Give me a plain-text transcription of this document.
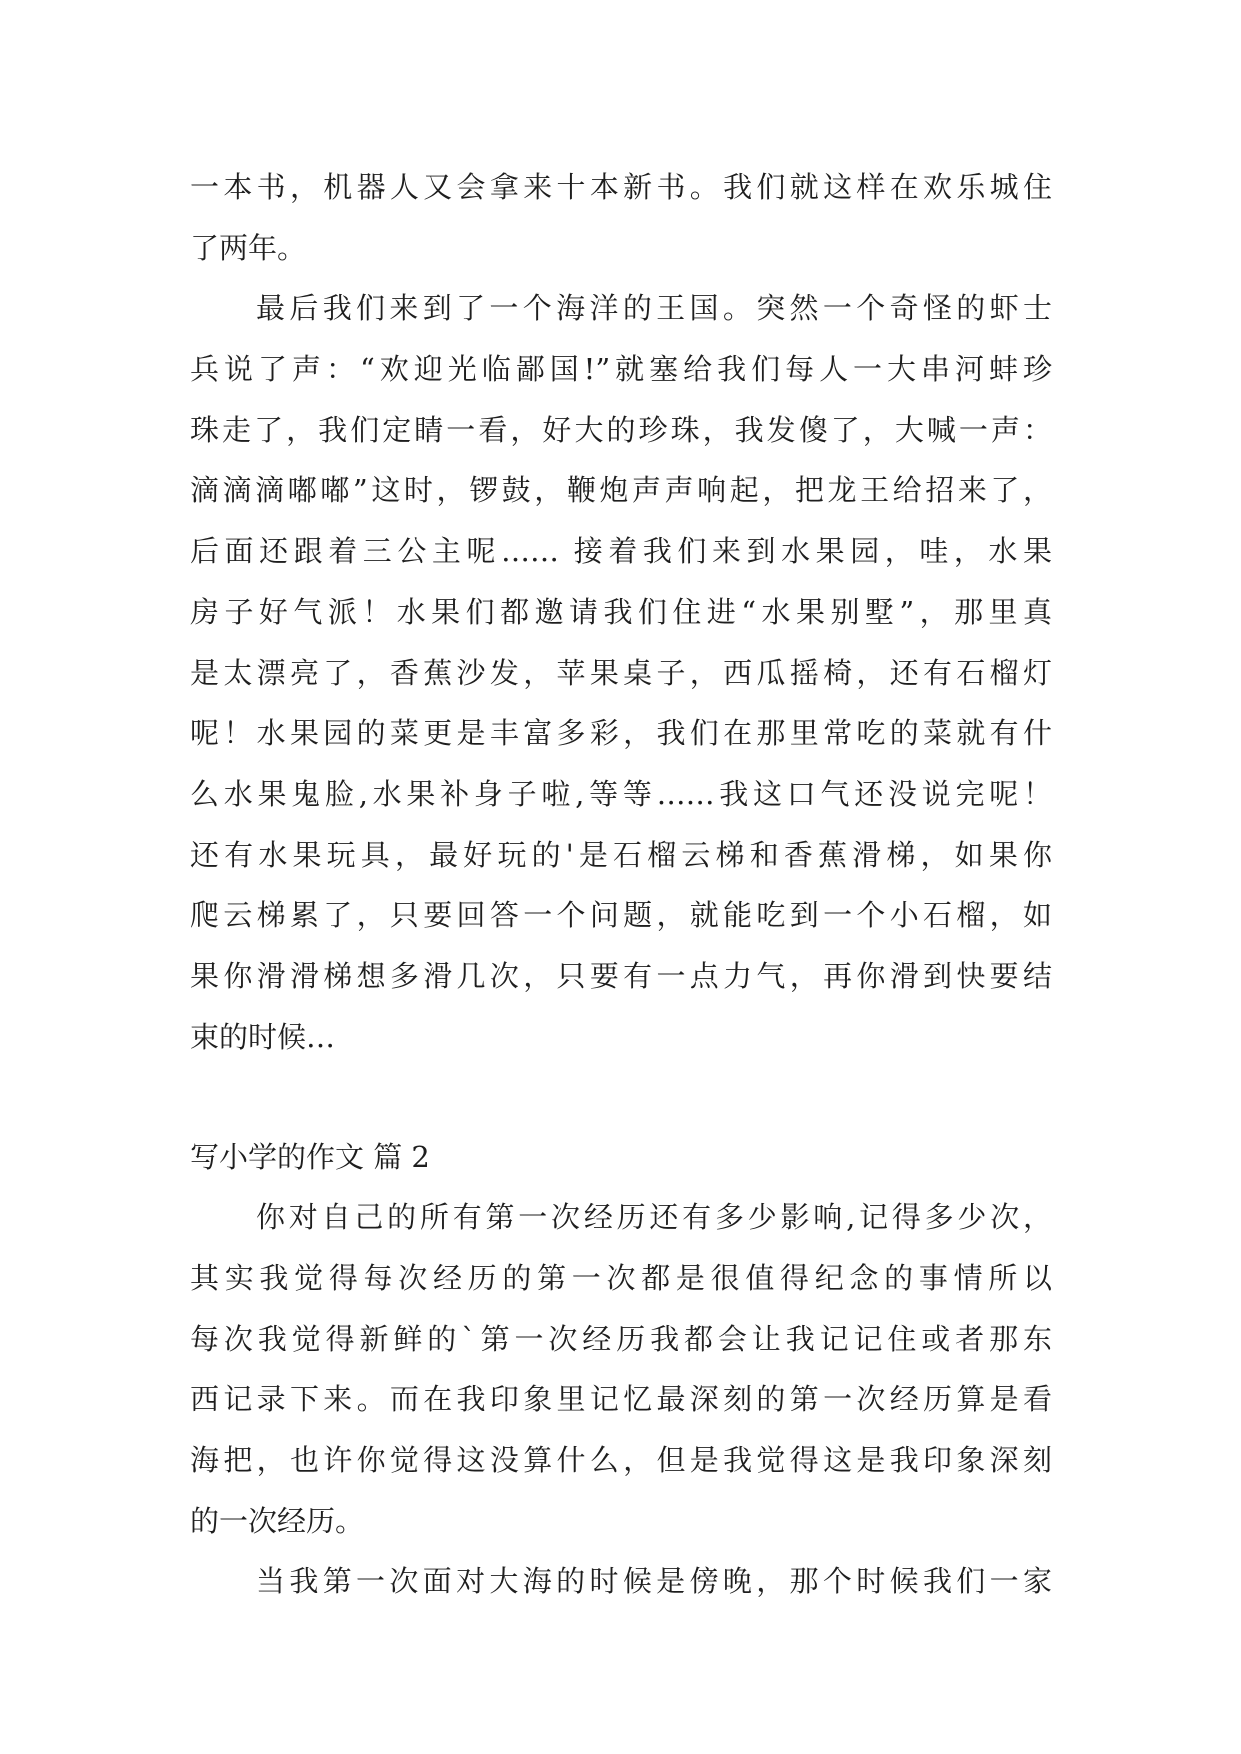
一本书，机器人又会拿来十本新书。我们就这样在欢乐城住
了两年。
最后我们来到了一个海洋的王国。突然一个奇怪的虾士
兵说了声：“欢迎光临鄙国!”就塞给我们每人一大串河蚌珍
珠走了，我们定睛一看，好大的珍珠，我发傻了，大喊一声：
滴滴滴嘟嘟”这时，锣鼓，鞭炮声声响起，把龙王给招来了，
后面还跟着三公主呢…… 接着我们来到水果园，哇，水果
房子好气派！水果们都邀请我们住进“水果别墅”，那里真
是太漂亮了，香蕉沙发，苹果桌子，西瓜摇椅，还有石榴灯
呢！水果园的菜更是丰富多彩，我们在那里常吃的菜就有什
么水果鬼脸,水果补身子啦,等等……我这口气还没说完呢！
还有水果玩具，最好玩的'是石榴云梯和香蕉滑梯，如果你
爬云梯累了，只要回答一个问题，就能吃到一个小石榴，如
果你滑滑梯想多滑几次，只要有一点力气，再你滑到快要结
束的时候…
写小学的作文 篇 2
你对自己的所有第一次经历还有多少影响,记得多少次，
其实我觉得每次经历的第一次都是很值得纪念的事情所以
每次我觉得新鲜的`第一次经历我都会让我记记住或者那东
西记录下来。而在我印象里记忆最深刻的第一次经历算是看
海把，也许你觉得这没算什么，但是我觉得这是我印象深刻
的一次经历。
当我第一次面对大海的时候是傍晚，那个时候我们一家
